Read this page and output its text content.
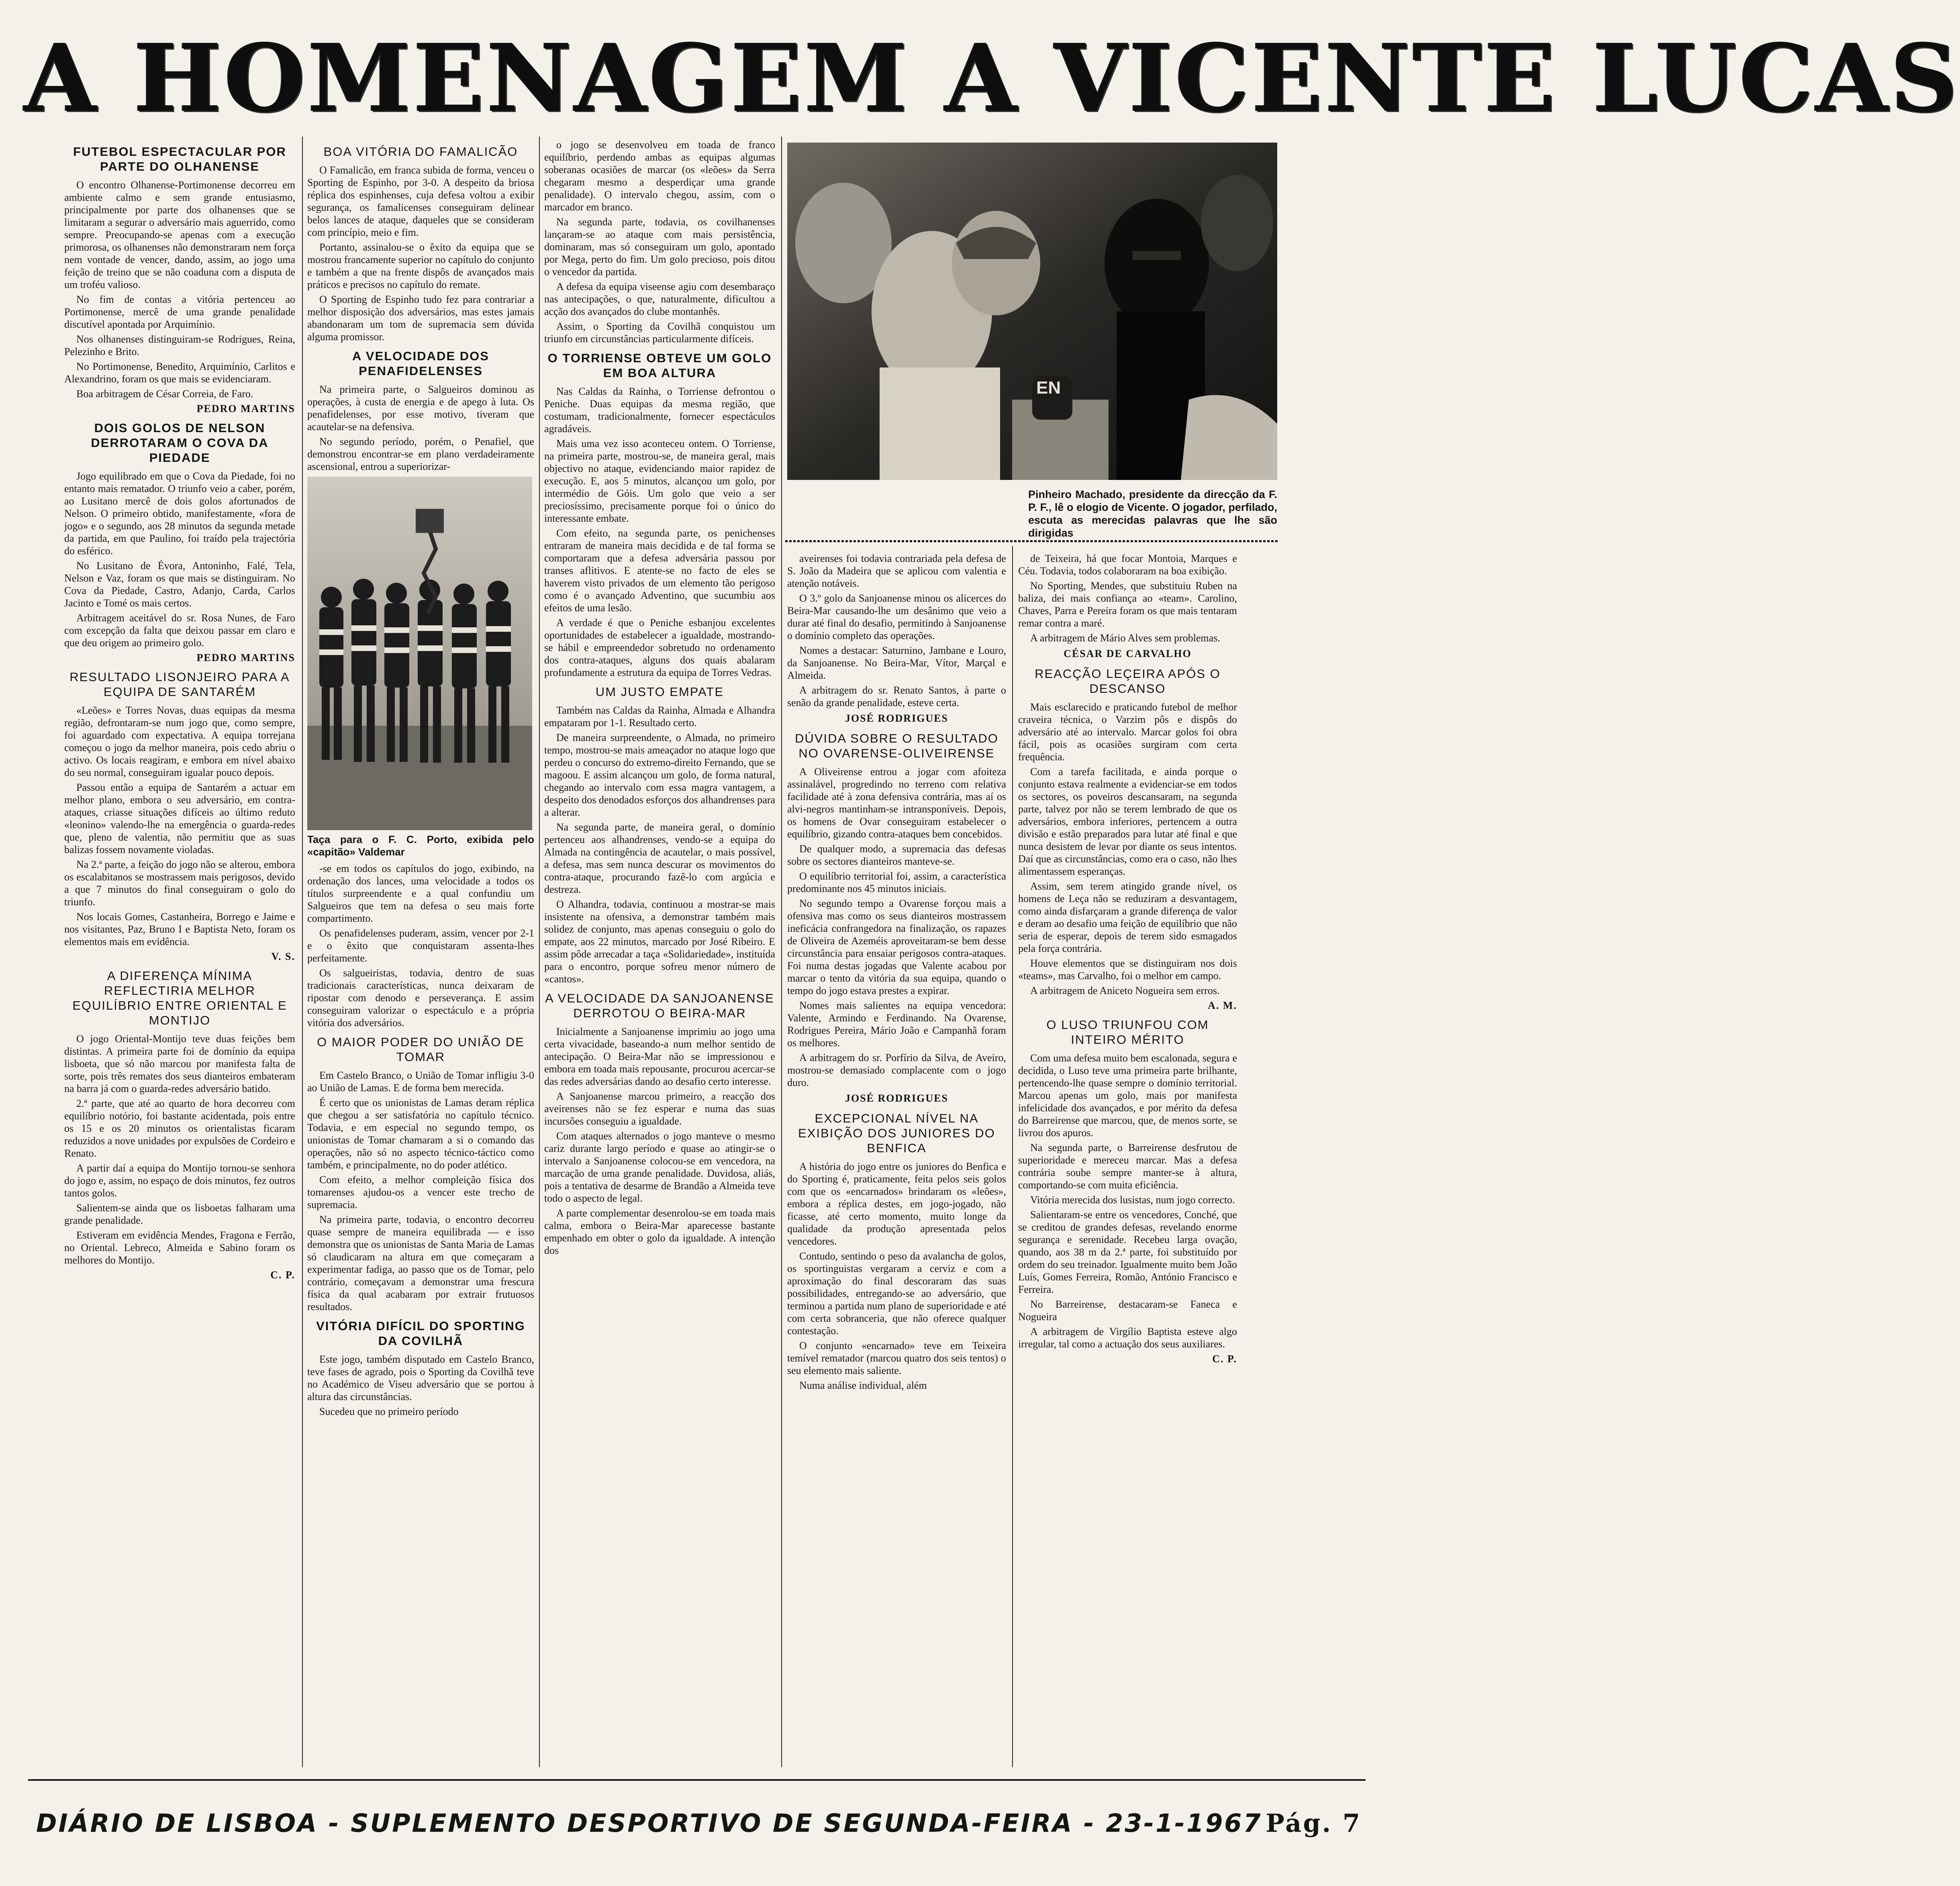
A HOMENAGEM A VICENTE LUCAS
FUTEBOL ESPECTACULAR POR PARTE DO OLHANENSE

O encontro Olhanense-Portimonense decorreu em ambiente calmo e sem grande entusiasmo, principalmente por parte dos olhanenses que se limitaram a segurar o adversário mais aguerrido, como sempre. Preocupando-se apenas com a execução primorosa, os olhanenses não demonstraram nem força nem vontade de vencer, dando, assim, ao jogo uma feição de treino que se não coaduna com a disputa de um troféu valioso.

No fim de contas a vitória pertenceu ao Portimonense, mercê de uma grande penalidade discutível apontada por Arquimínio.

Nos olhanenses distinguiram-se Rodrigues, Reina, Pelezinho e Brito.

No Portimonense, Benedito, Arquimínio, Carlitos e Alexandrino, foram os que mais se evidenciaram.

Boa arbitragem de César Correia, de Faro.

PEDRO MARTINS

DOIS GOLOS DE NELSON DERROTARAM O COVA DA PIEDADE

Jogo equilibrado em que o Cova da Piedade, foi no entanto mais rematador. O triunfo veio a caber, porém, ao Lusitano mercê de dois golos afortunados de Nelson. O primeiro obtido, manifestamente, «fora de jogo» e o segundo, aos 28 minutos da segunda metade da partida, em que Paulino, foi traído pela trajectória do esférico.

No Lusitano de Évora, Antoninho, Falé, Tela, Nelson e Vaz, foram os que mais se distinguiram. No Cova da Piedade, Castro, Adanjo, Carda, Carlos Jacinto e Tomé os mais certos.

Arbitragem aceitável do sr. Rosa Nunes, de Faro com excepção da falta que deixou passar em claro e que deu origem ao primeiro golo.

PEDRO MARTINS

RESULTADO LISONJEIRO PARA A EQUIPA DE SANTARÉM

«Leões» e Torres Novas, duas equipas da mesma região, defrontaram-se num jogo que, como sempre, foi aguardado com expectativa. A equipa torrejana começou o jogo da melhor maneira, pois cedo abriu o activo. Os locais reagiram, e embora em nível abaixo do seu normal, conseguiram igualar pouco depois.

Passou então a equipa de Santarém a actuar em melhor plano, embora o seu adversário, em contra-ataques, criasse situações difíceis ao último reduto «leonino» valendo-lhe na emergência o guarda-redes que, pleno de valentia, não permitiu que as suas balizas fossem novamente violadas.

Na 2.ª parte, a feição do jogo não se alterou, embora os escalabitanos se mostrassem mais perigosos, devido a que 7 minutos do final conseguiram o golo do triunfo.

Nos locais Gomes, Castanheira, Borrego e Jaime e nos visitantes, Paz, Bruno I e Baptista Neto, foram os elementos mais em evidência.

V. S.

A DIFERENÇA MÍNIMA REFLECTIRIA MELHOR EQUILÍBRIO ENTRE ORIENTAL E MONTIJO

O jogo Oriental-Montijo teve duas feições bem distintas. A primeira parte foi de domínio da equipa lisboeta, que só não marcou por manifesta falta de sorte, pois três remates dos seus dianteiros embateram na barra já com o guarda-redes adversário batido.

2.ª parte, que até ao quarto de hora decorreu com equilíbrio notório, foi bastante acidentada, pois entre os 15 e os 20 minutos os orientalistas ficaram reduzidos a nove unidades por expulsões de Cordeiro e Renato.

A partir daí a equipa do Montijo tornou-se senhora do jogo e, assim, no espaço de dois minutos, fez outros tantos golos.

Salientem-se ainda que os lisboetas falharam uma grande penalidade.

Estiveram em evidência Mendes, Fragona e Ferrão, no Oriental. Lebreco, Almeida e Sabino foram os melhores do Montijo.

C. P.

BOA VITÓRIA DO FAMALICÃO

O Famalicão, em franca subida de forma, venceu o Sporting de Espinho, por 3-0. A despeito da briosa réplica dos espinhenses, cuja defesa voltou a exibir segurança, os famalicenses conseguiram delinear belos lances de ataque, daqueles que se consideram com princípio, meio e fim.

Portanto, assinalou-se o êxito da equipa que se mostrou francamente superior no capítulo do conjunto e também a que na frente dispôs de avançados mais práticos e precisos no capítulo do remate.

O Sporting de Espinho tudo fez para contrariar a melhor disposição dos adversários, mas estes jamais abandonaram um tom de supremacia sem dúvida alguma promissor.

A VELOCIDADE DOS PENAFIDELENSES

Na primeira parte, o Salgueiros dominou as operações, à custa de energia e de apego à luta. Os penafidelenses, por esse motivo, tiveram que acautelar-se na defensiva.

No segundo período, porém, o Penafiel, que demonstrou encontrar-se em plano verdadeiramente ascensional, entrou a superiorizar-

Taça para o F. C. Porto, exibida pelo «capitão» Valdemar

-se em todos os capítulos do jogo, exibindo, na ordenação dos lances, uma velocidade a todos os títulos surpreendente e a qual confundiu um Salgueiros que tem na defesa o seu mais forte compartimento.

Os penafidelenses puderam, assim, vencer por 2-1 e o êxito que conquistaram assenta-lhes perfeitamente.

Os salgueiristas, todavia, dentro de suas tradicionais características, nunca deixaram de ripostar com denodo e perseverança. E assim conseguiram valorizar o espectáculo e a própria vitória dos adversários.

O MAIOR PODER DO UNIÃO DE TOMAR

Em Castelo Branco, o União de Tomar infligiu 3-0 ao União de Lamas. E de forma bem merecida.

É certo que os unionistas de Lamas deram réplica que chegou a ser satisfatória no capítulo técnico. Todavia, e em especial no segundo tempo, os unionistas de Tomar chamaram a si o comando das operações, não só no aspecto técnico-táctico como também, e principalmente, no do poder atlético.

Com efeito, a melhor compleição física dos tomarenses ajudou-os a vencer este trecho de supremacia.

Na primeira parte, todavia, o encontro decorreu quase sempre de maneira equilibrada — e isso demonstra que os unionistas de Santa Maria de Lamas só claudicaram na altura em que começaram a experimentar fadiga, ao passo que os de Tomar, pelo contrário, começavam a demonstrar uma frescura física da qual acabaram por extrair frutuosos resultados.

VITÓRIA DIFÍCIL DO SPORTING DA COVILHÃ

Este jogo, também disputado em Castelo Branco, teve fases de agrado, pois o Sporting da Covilhã teve no Académico de Viseu adversário que se portou à altura das circunstâncias.

Sucedeu que no primeiro período

o jogo se desenvolveu em toada de franco equilíbrio, perdendo ambas as equipas algumas soberanas ocasiões de marcar (os «leões» da Serra chegaram mesmo a desperdiçar uma grande penalidade). O intervalo chegou, assim, com o marcador em branco.

Na segunda parte, todavia, os covilhanenses lançaram-se ao ataque com mais persistência, dominaram, mas só conseguiram um golo, apontado por Mega, perto do fim. Um golo precioso, pois ditou o vencedor da partida.

A defesa da equipa viseense agiu com desembaraço nas antecipações, o que, naturalmente, dificultou a acção dos avançados do clube montanhês.

Assim, o Sporting da Covilhã conquistou um triunfo em circunstâncias particularmente difíceis.

O TORRIENSE OBTEVE UM GOLO EM BOA ALTURA

Nas Caldas da Rainha, o Torriense defrontou o Peniche. Duas equipas da mesma região, que costumam, tradicionalmente, fornecer espectáculos agradáveis.

Mais uma vez isso aconteceu ontem. O Torriense, na primeira parte, mostrou-se, de maneira geral, mais objectivo no ataque, evidenciando maior rapidez de execução. E, aos 5 minutos, alcançou um golo, por intermédio de Góis. Um golo que veio a ser preciosíssimo, precisamente porque foi o único do interessante embate.

Com efeito, na segunda parte, os penichenses entraram de maneira mais decidida e de tal forma se comportaram que a defesa adversária passou por transes aflitivos. E atente-se no facto de eles se haverem visto privados de um elemento tão perigoso como é o avançado Adventino, que sucumbiu aos efeitos de uma lesão.

A verdade é que o Peniche esbanjou excelentes oportunidades de estabelecer a igualdade, mostrando-se hábil e empreendedor sobretudo no ordenamento dos contra-ataques, alguns dos quais abalaram profundamente a estrutura da equipa de Torres Vedras.

UM JUSTO EMPATE

Também nas Caldas da Rainha, Almada e Alhandra empataram por 1-1. Resultado certo.

De maneira surpreendente, o Almada, no primeiro tempo, mostrou-se mais ameaçador no ataque logo que perdeu o concurso do extremo-direito Fernando, que se magoou. E assim alcançou um golo, de forma natural, chegando ao intervalo com essa magra vantagem, a despeito dos denodados esforços dos alhandrenses para a alterar.

Na segunda parte, de maneira geral, o domínio pertenceu aos alhandrenses, vendo-se a equipa do Almada na contingência de acautelar, o mais possível, a defesa, mas sem nunca descurar os movimentos do contra-ataque, procurando fazê-lo com argúcia e destreza.

O Alhandra, todavia, continuou a mostrar-se mais insistente na ofensiva, a demonstrar também mais solidez de conjunto, mas apenas conseguiu o golo do empate, aos 22 minutos, marcado por José Ribeiro. E assim pôde arrecadar a taça «Solidariedade», instituída para o encontro, porque sofreu menor número de «cantos».

A VELOCIDADE DA SANJOANENSE DERROTOU O BEIRA-MAR

Inicialmente a Sanjoanense imprimiu ao jogo uma certa vivacidade, baseando-a num melhor sentido de antecipação. O Beira-Mar não se impressionou e embora em toada mais repousante, procurou acercar-se das redes adversárias dando ao desafio certo interesse.

A Sanjoanense marcou primeiro, a reacção dos aveirenses não se fez esperar e numa das suas incursões conseguiu a igualdade.

Com ataques alternados o jogo manteve o mesmo cariz durante largo período e quase ao atingir-se o intervalo a Sanjoanense colocou-se em vencedora, na marcação de uma grande penalidade. Duvidosa, aliás, pois a tentativa de desarme de Brandão a Almeida teve todo o aspecto de legal.

A parte complementar desenrolou-se em toada mais calma, embora o Beira-Mar aparecesse bastante empenhado em obter o golo da igualdade. A intenção dos

EN
Pinheiro Machado, presidente da direcção da F. P. F., lê o elogio de Vicente. O jogador, perfilado, escuta as merecidas palavras que lhe são dirigidas

aveirenses foi todavia contrariada pela defesa de S. João da Madeira que se aplicou com valentia e atenção notáveis.

O 3.º golo da Sanjoanense minou os alicerces do Beira-Mar causando-lhe um desânimo que veio a durar até final do desafio, permitindo à Sanjoanense o domínio completo das operações.

Nomes a destacar: Saturnino, Jambane e Louro, da Sanjoanense. No Beira-Mar, Vítor, Marçal e Almeida.

A arbitragem do sr. Renato Santos, à parte o senão da grande penalidade, esteve certa.

JOSÉ RODRIGUES

DÚVIDA SOBRE O RESULTADO NO OVARENSE-OLIVEIRENSE

A Oliveirense entrou a jogar com afoiteza assinalável, progredindo no terreno com relativa facilidade até à zona defensiva contrária, mas aí os alvi-negros mantinham-se intransponíveis. Depois, os homens de Ovar conseguiram estabelecer o equilíbrio, gizando contra-ataques bem concebidos.

De qualquer modo, a supremacia das defesas sobre os sectores dianteiros manteve-se.

O equilíbrio territorial foi, assim, a característica predominante nos 45 minutos iniciais.

No segundo tempo a Ovarense forçou mais a ofensiva mas como os seus dianteiros mostrassem ineficácia confrangedora na finalização, os rapazes de Oliveira de Azeméis aproveitaram-se bem desse circunstância para ensaiar perigosos contra-ataques. Foi numa destas jogadas que Valente acabou por marcar o tento da vitória da sua equipa, quando o tempo do jogo estava prestes a expirar.

Nomes mais salientes na equipa vencedora: Valente, Armindo e Ferdinando. Na Ovarense, Rodrigues Pereira, Mário João e Campanhã foram os melhores.

A arbitragem do sr. Porfírio da Silva, de Aveiro, mostrou-se demasiado complacente com o jogo duro.

JOSÉ RODRIGUES

EXCEPCIONAL NÍVEL NA EXIBIÇÃO DOS JUNIORES DO BENFICA

A história do jogo entre os juniores do Benfica e do Sporting é, praticamente, feita pelos seis golos com que os «encarnados» brindaram os «leões», embora a réplica destes, em jogo-jogado, não ficasse, até certo momento, muito longe da qualidade da produção apresentada pelos vencedores.

Contudo, sentindo o peso da avalancha de golos, os sportinguistas vergaram a cerviz e com a aproximação do final descoraram das suas possibilidades, entregando-se ao adversário, que terminou a partida num plano de superioridade e até com certa sobranceria, que não oferece qualquer contestação.

O conjunto «encarnado» teve em Teixeira temível rematador (marcou quatro dos seis tentos) o seu elemento mais saliente.

Numa análise individual, além

de Teixeira, há que focar Montoia, Marques e Céu. Todavia, todos colaboraram na boa exibição.

No Sporting, Mendes, que substituiu Ruben na baliza, dei mais confiança ao «team». Carolino, Chaves, Parra e Pereira foram os que mais tentaram remar contra a maré.

A arbitragem de Mário Alves sem problemas.

CÉSAR DE CARVALHO

REACÇÃO LEÇEIRA APÓS O DESCANSO

Mais esclarecido e praticando futebol de melhor craveira técnica, o Varzim pôs e dispôs do adversário até ao intervalo. Marcar golos foi obra fácil, pois as ocasiões surgiram com certa frequência.

Com a tarefa facilitada, e ainda porque o conjunto estava realmente a evidenciar-se em todos os sectores, os poveiros descansaram, na segunda parte, talvez por não se terem lembrado de que os adversários, embora inferiores, pertencem a outra divisão e estão preparados para lutar até final e que nunca desistem de levar por diante os seus intentos. Daí que as circunstâncias, como era o caso, não lhes alimentassem esperanças.

Assim, sem terem atingido grande nível, os homens de Leça não se reduziram a desvantagem, como ainda disfarçaram a grande diferença de valor e deram ao desafio uma feição de equilíbrio que não seria de esperar, depois de terem sido esmagados pela força contrária.

Houve elementos que se distinguiram nos dois «teams», mas Carvalho, foi o melhor em campo.

A arbitragem de Aniceto Nogueira sem erros.

A. M.

O LUSO TRIUNFOU COM INTEIRO MÉRITO

Com uma defesa muito bem escalonada, segura e decidida, o Luso teve uma primeira parte brilhante, pertencendo-lhe quase sempre o domínio territorial. Marcou apenas um golo, mais por manifesta infelicidade dos avançados, e por mérito da defesa do Barreirense que marcou, que, de menos sorte, se livrou dos apuros.

Na segunda parte, o Barreirense desfrutou de superioridade e mereceu marcar. Mas a defesa contrária soube sempre manter-se à altura, comportando-se com muita eficiência.

Vitória merecida dos lusistas, num jogo correcto.

Salientaram-se entre os vencedores, Conché, que se creditou de grandes defesas, revelando enorme segurança e serenidade. Recebeu larga ovação, quando, aos 38 m da 2.ª parte, foi substituído por ordem do seu treinador. Igualmente muito bem João Luís, Gomes Ferreira, Romão, António Francisco e Ferreira.

No Barreirense, destacaram-se Faneca e Nogueira

A arbitragem de Virgílio Baptista esteve algo irregular, tal como a actuação dos seus auxiliares.

C. P.

DIÁRIO DE LISBOA - SUPLEMENTO DESPORTIVO DE SEGUNDA-FEIRA - 23-1-1967 Pág. 7
